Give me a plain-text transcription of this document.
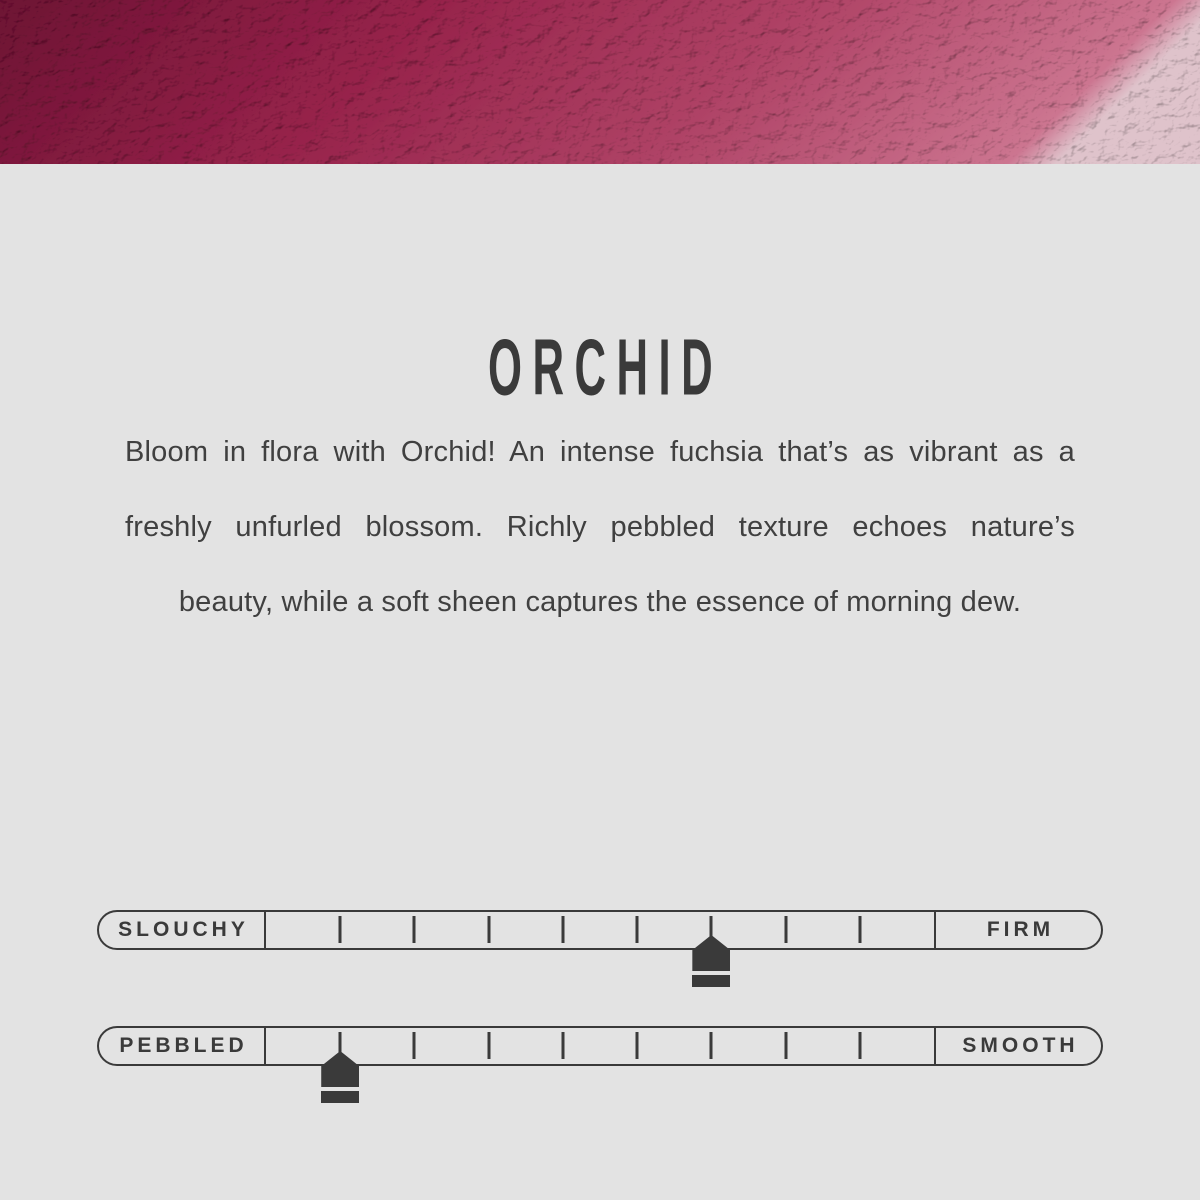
ORCHID
Bloom in flora with Orchid! An intense fuchsia that’s as vibrant as a
freshly unfurled blossom. Richly pebbled texture echoes nature’s
beauty, while a soft sheen captures the essence of morning dew.
SLOUCHY	FIRM
PEBBLED	SMOOTH
